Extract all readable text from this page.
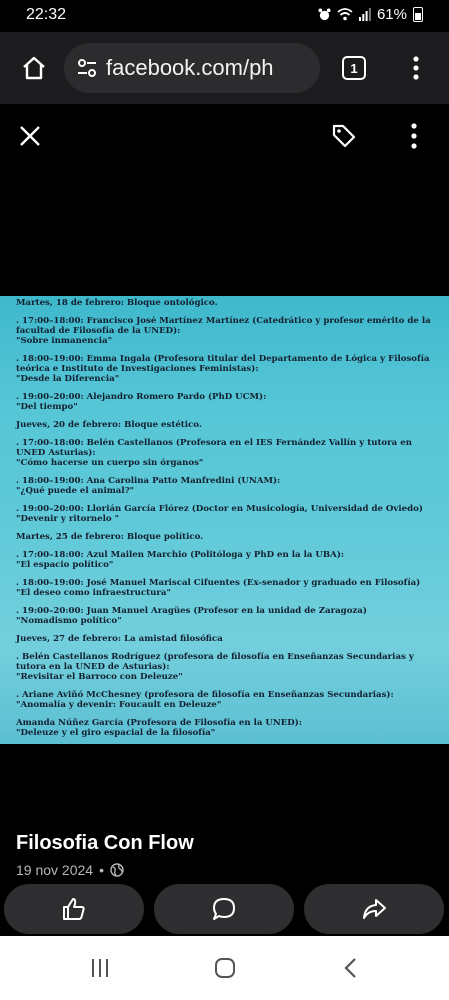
22:32	61%
facebook.com/ph	1
Martes, 18 de febrero: Bloque ontológico.
. 17:00–18:00: Francisco José Martínez Martínez (Catedrático y profesor emérito de la facultad de Filosofía de la UNED):
"Sobre inmanencia"
. 18:00–19:00: Emma Ingala (Profesora titular del Departamento de Lógica y Filosofía teórica e Instituto de Investigaciones Feministas):
"Desde la Diferencia"
. 19:00–20:00: Alejandro Romero Pardo (PhD UCM):
"Del tiempo"
Jueves, 20 de febrero: Bloque estético.
. 17:00–18:00: Belén Castellanos (Profesora en el IES Fernández Vallín y tutora en UNED Asturias):
"Cómo hacerse un cuerpo sin órganos"
. 18:00–19:00: Ana Carolina Patto Manfredini (UNAM):
"¿Qué puede el animal?"
. 19:00–20:00: Llorián García Flórez (Doctor en Musicología, Universidad de Oviedo)
"Devenir y ritornelo "
Martes, 25 de febrero: Bloque político.
. 17:00–18:00: Azul Mailen Marchio (Politóloga y PhD en la la UBA):
"El espacio político"
. 18:00–19:00: José Manuel Mariscal Cifuentes (Ex-senador y graduado en Filosofía)
"El deseo como infraestructura"
. 19:00–20:00: Juan Manuel Aragües (Profesor en la unidad de Zaragoza)
"Nomadismo político"
Jueves, 27 de febrero: La amistad filosófica
. Belén Castellanos Rodríguez (profesora de filosofía en Enseñanzas Secundarias y tutora en la UNED de Asturias):
"Revisitar el Barroco con Deleuze"
. Ariane Aviñó McChesney (profesora de filosofía en Enseñanzas Secundarias):
"Anomalía y devenir: Foucault en Deleuze"
Amanda Núñez García (Profesora de Filosofía en la UNED):
"Deleuze y el giro espacial de la filosofía"
Filosofia Con Flow
19 nov 2024 •
